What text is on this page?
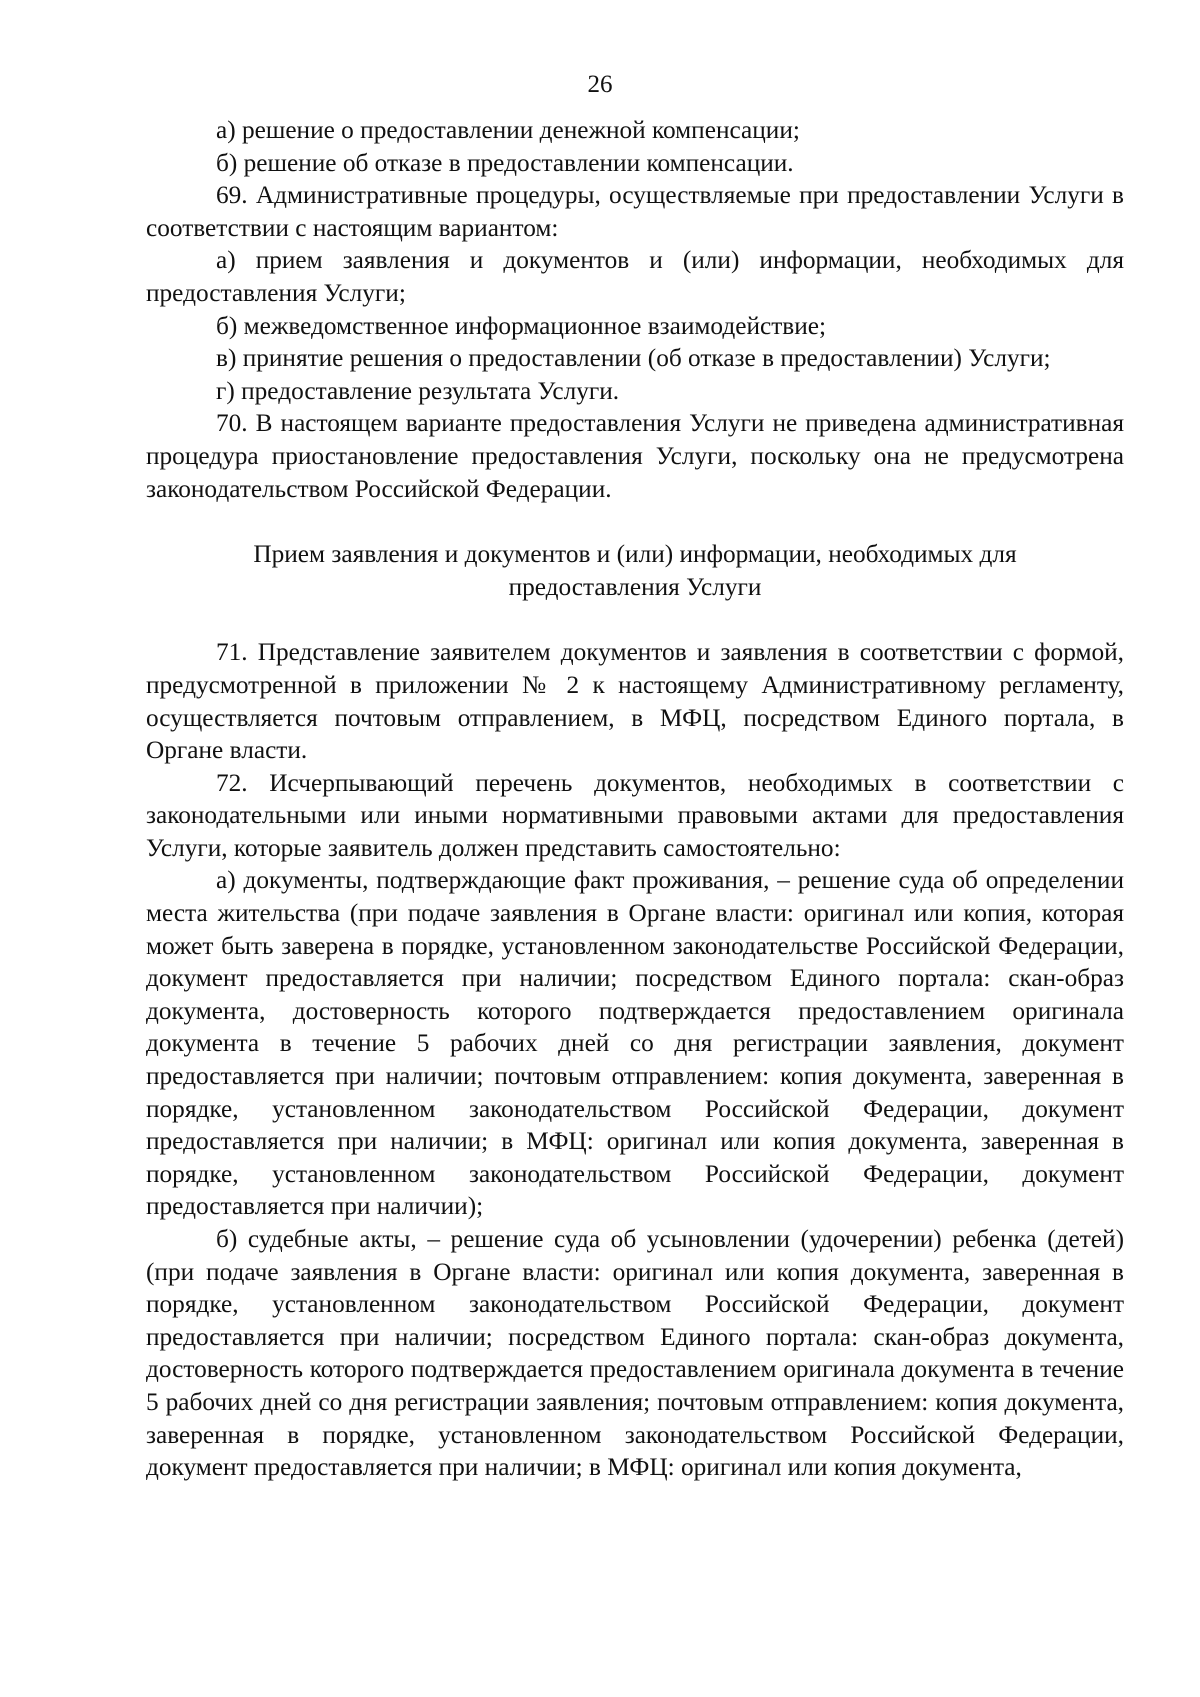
26

а) решение о предоставлении денежной компенсации;

б) решение об отказе в предоставлении компенсации.

69. Административные процедуры, осуществляемые при предоставлении Услуги в соответствии с настоящим вариантом:

а) прием заявления и документов и (или) информации, необходимых для предоставления Услуги;

б) межведомственное информационное взаимодействие;

в) принятие решения о предоставлении (об отказе в предоставлении) Услуги;

г) предоставление результата Услуги.

70. В настоящем варианте предоставления Услуги не приведена административная процедура приостановление предоставления Услуги, поскольку она не предусмотрена законодательством Российской Федерации.

Прием заявления и документов и (или) информации, необходимых для предоставления Услуги

71. Представление заявителем документов и заявления в соответствии с формой, предусмотренной в приложении № 2 к настоящему Административному регламенту, осуществляется почтовым отправлением, в МФЦ, посредством Единого портала, в Органе власти.

72. Исчерпывающий перечень документов, необходимых в соответствии с законодательными или иными нормативными правовыми актами для предоставления Услуги, которые заявитель должен представить самостоятельно:

а) документы, подтверждающие факт проживания, – решение суда об определении места жительства (при подаче заявления в Органе власти: оригинал или копия, которая может быть заверена в порядке, установленном законодательстве Российской Федерации, документ предоставляется при наличии; посредством Единого портала: скан-образ документа, достоверность которого подтверждается предоставлением оригинала документа в течение 5 рабочих дней со дня регистрации заявления, документ предоставляется при наличии; почтовым отправлением: копия документа, заверенная в порядке, установленном законодательством Российской Федерации, документ предоставляется при наличии; в МФЦ: оригинал или копия документа, заверенная в порядке, установленном законодательством Российской Федерации, документ предоставляется при наличии);

б) судебные акты, – решение суда об усыновлении (удочерении) ребенка (детей) (при подаче заявления в Органе власти: оригинал или копия документа, заверенная в порядке, установленном законодательством Российской Федерации, документ предоставляется при наличии; посредством Единого портала: скан-образ документа, достоверность которого подтверждается предоставлением оригинала документа в течение 5 рабочих дней со дня регистрации заявления; почтовым отправлением: копия документа, заверенная в порядке, установленном законодательством Российской Федерации, документ предоставляется при наличии; в МФЦ: оригинал или копия документа,
